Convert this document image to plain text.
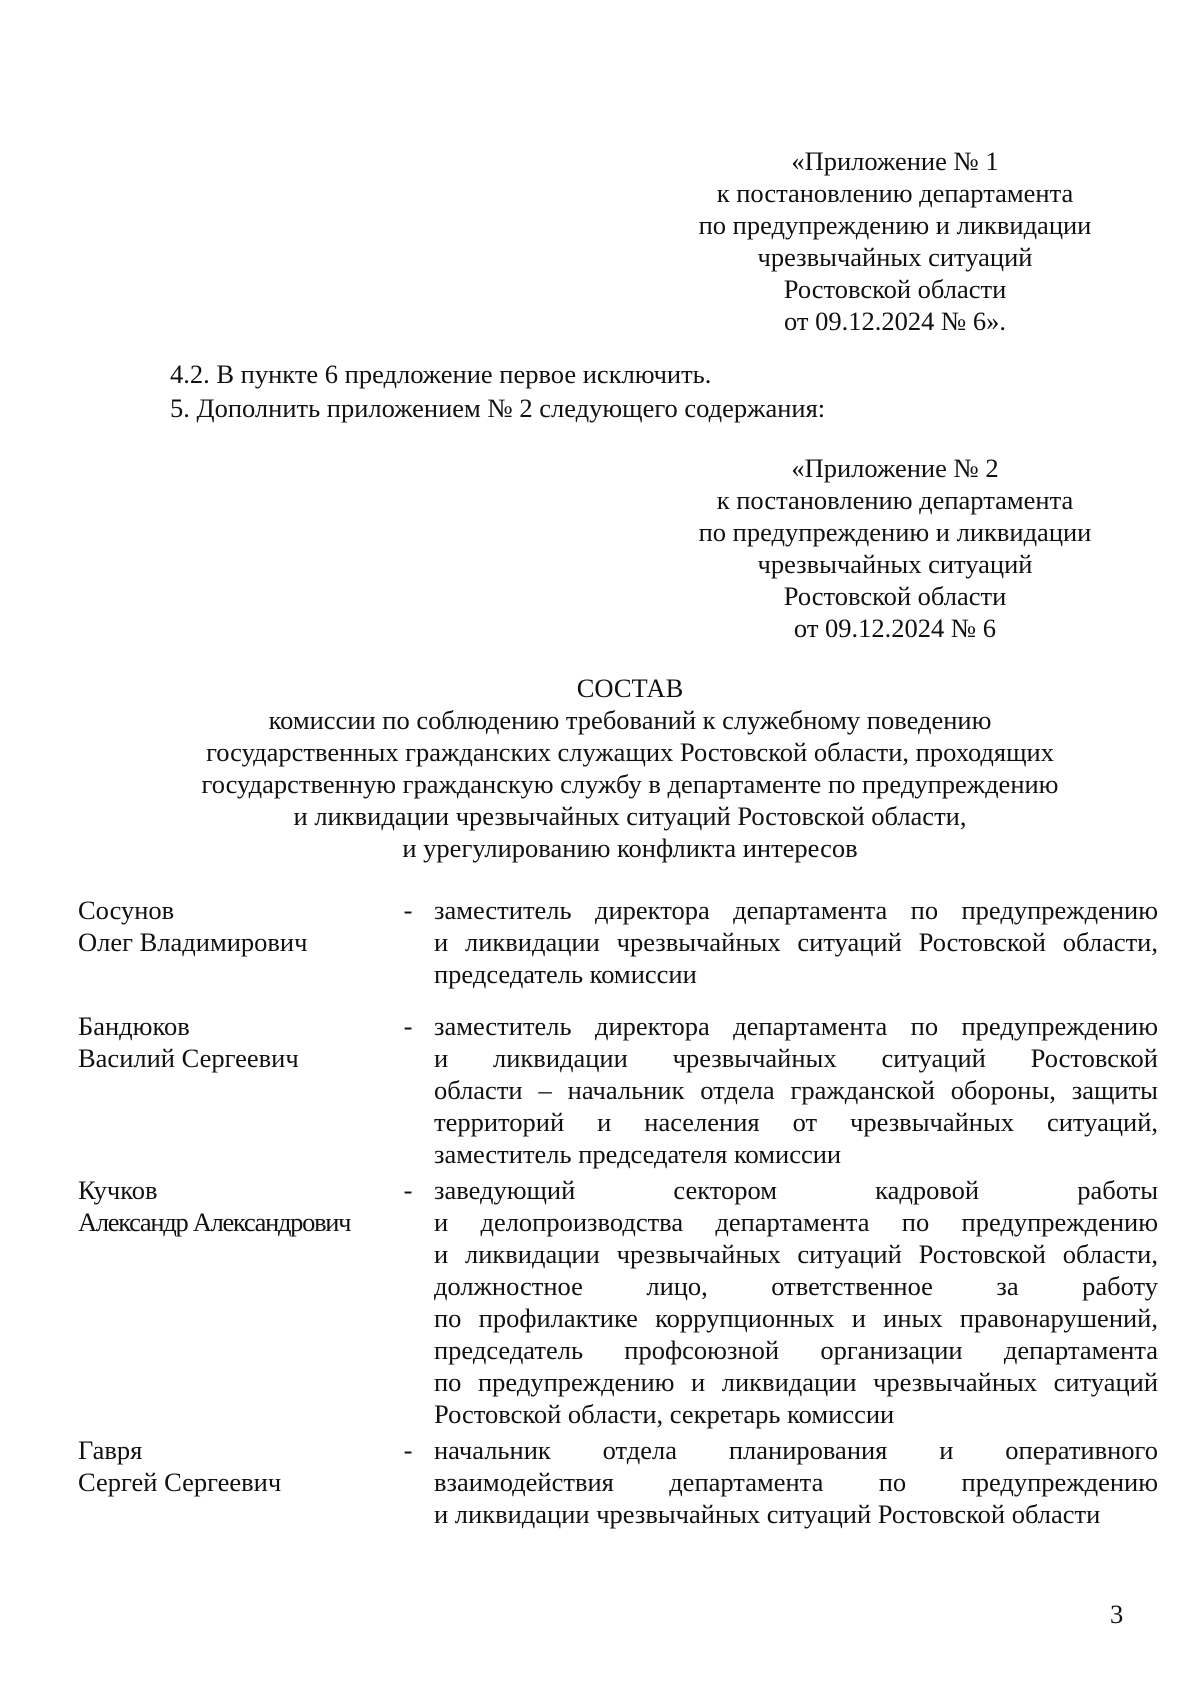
«Приложение № 1
к постановлению департамента
по предупреждению и ликвидации
чрезвычайных ситуаций
Ростовской области
от 09.12.2024 № 6».
4.2. В пункте 6 предложение первое исключить.
5. Дополнить приложением № 2 следующего содержания:
«Приложение № 2
к постановлению департамента
по предупреждению и ликвидации
чрезвычайных ситуаций
Ростовской области
от 09.12.2024 № 6
СОСТАВ
комиссии по соблюдению требований к служебному поведению
государственных гражданских служащих Ростовской области, проходящих
государственную гражданскую службу в департаменте по предупреждению
и ликвидации чрезвычайных ситуаций Ростовской области,
и урегулированию конфликта интересов
Сосунов
Олег Владимирович
- заместитель директора департамента по предупреждению
и ликвидации чрезвычайных ситуаций Ростовской области,
председатель комиссии
Бандюков
Василий Сергеевич
- заместитель директора департамента по предупреждению
и ликвидации чрезвычайных ситуаций Ростовской
области – начальник отдела гражданской обороны, защиты
территорий и населения от чрезвычайных ситуаций,
заместитель председателя комиссии
Кучков
Александр Александрович
- заведующий сектором кадровой работы
и делопроизводства департамента по предупреждению
и ликвидации чрезвычайных ситуаций Ростовской области,
должностное лицо, ответственное за работу
по профилактике коррупционных и иных правонарушений,
председатель профсоюзной организации департамента
по предупреждению и ликвидации чрезвычайных ситуаций
Ростовской области, секретарь комиссии
Гавря
Сергей Сергеевич
- начальник отдела планирования и оперативного
взаимодействия департамента по предупреждению
и ликвидации чрезвычайных ситуаций Ростовской области
3
